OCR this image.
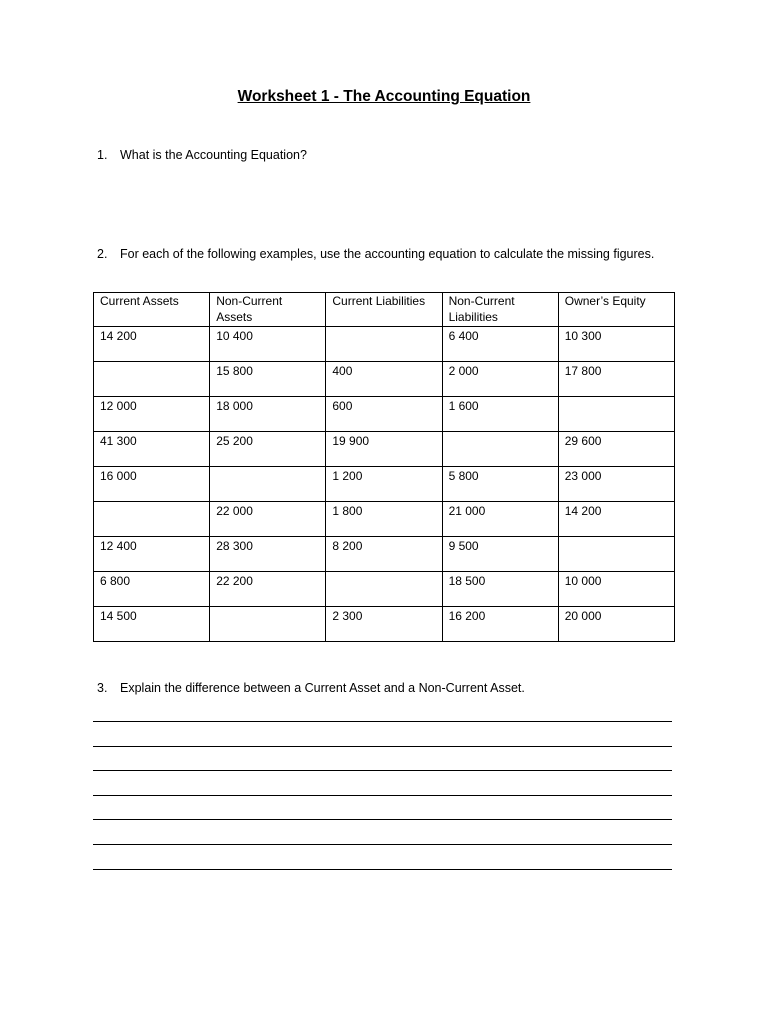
Worksheet 1 - The Accounting Equation
1. What is the Accounting Equation?
2. For each of the following examples, use the accounting equation to calculate the missing figures.
Current Assets	Non-Current Assets	Current Liabilities	Non-Current Liabilities	Owner’s Equity
14 200	10 400		6 400	10 300
	15 800	400	2 000	17 800
12 000	18 000	600	1 600	
41 300	25 200	19 900		29 600
16 000		1 200	5 800	23 000
	22 000	1 800	21 000	14 200
12 400	28 300	8 200	9 500	
6 800	22 200		18 500	10 000
14 500		2 300	16 200	20 000
3. Explain the difference between a Current Asset and a Non-Current Asset.
